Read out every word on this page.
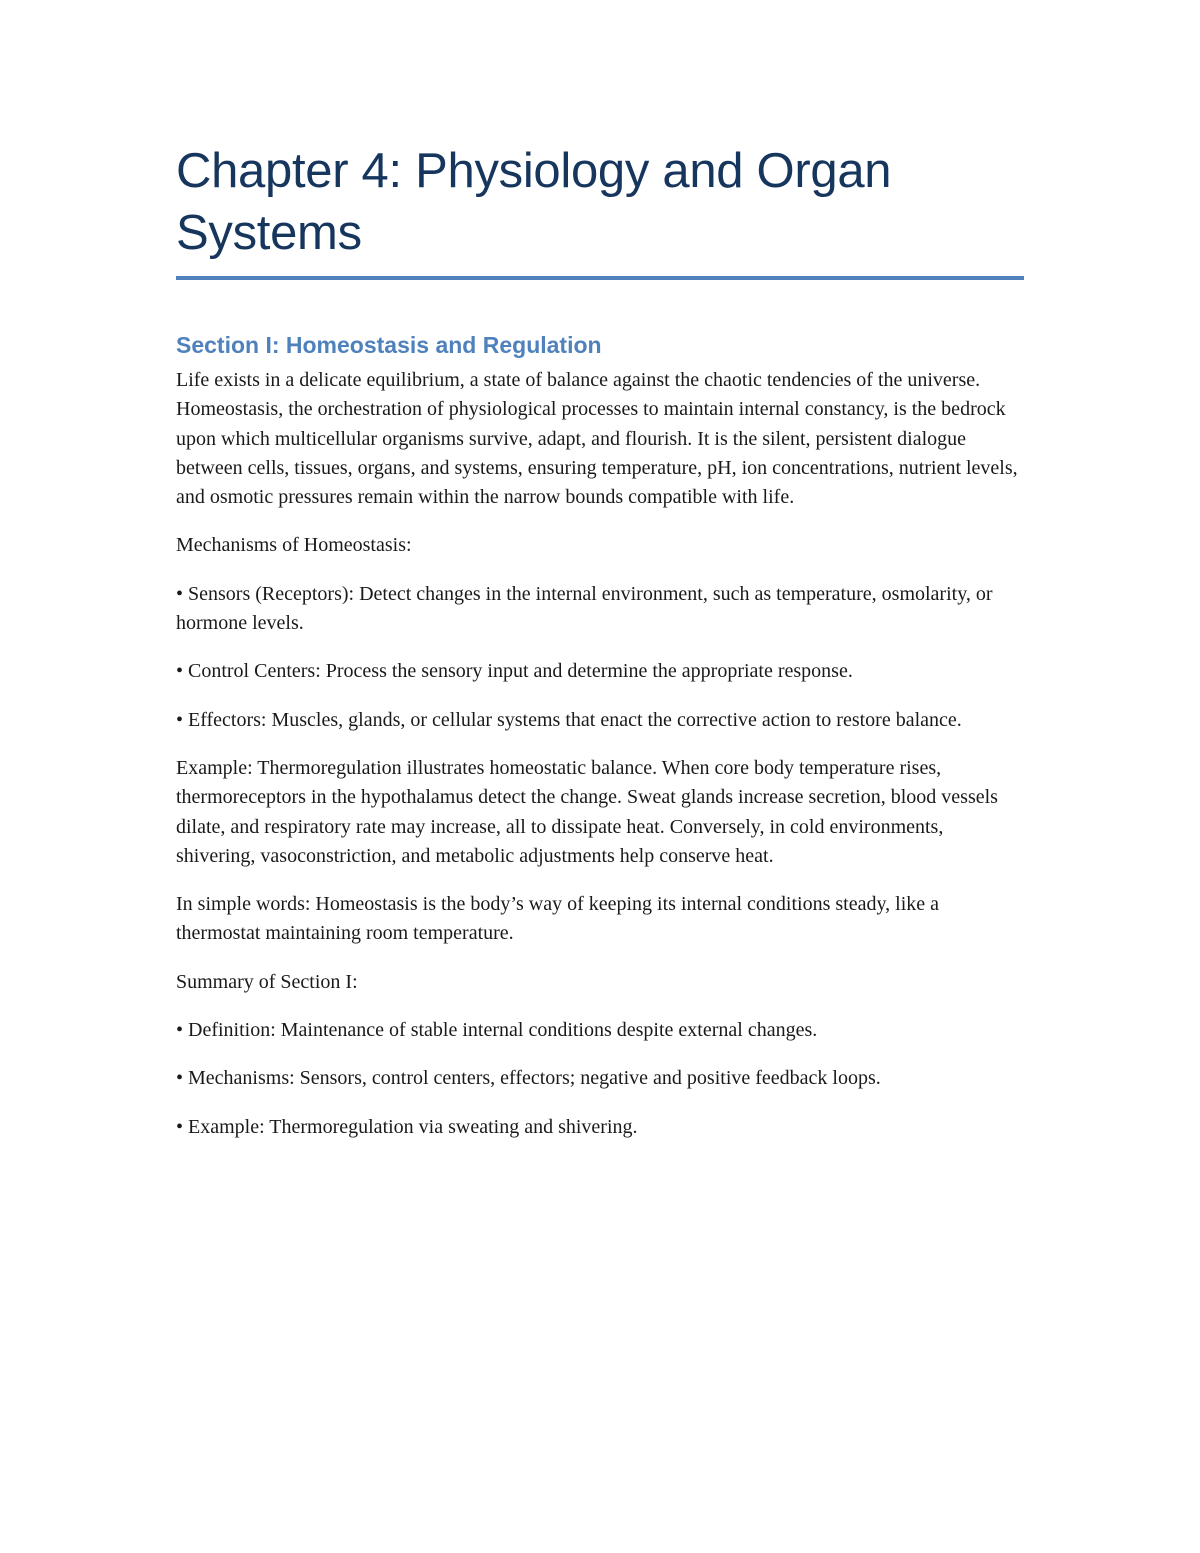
Chapter 4: Physiology and Organ Systems
Section I: Homeostasis and Regulation

Life exists in a delicate equilibrium, a state of balance against the chaotic tendencies of the universe. Homeostasis, the orchestration of physiological processes to maintain internal constancy, is the bedrock upon which multicellular organisms survive, adapt, and flourish. It is the silent, persistent dialogue between cells, tissues, organs, and systems, ensuring temperature, pH, ion concentrations, nutrient levels, and osmotic pressures remain within the narrow bounds compatible with life.

Mechanisms of Homeostasis:

• Sensors (Receptors): Detect changes in the internal environment, such as temperature, osmolarity, or hormone levels.

• Control Centers: Process the sensory input and determine the appropriate response.

• Effectors: Muscles, glands, or cellular systems that enact the corrective action to restore balance.

Example: Thermoregulation illustrates homeostatic balance. When core body temperature rises, thermoreceptors in the hypothalamus detect the change. Sweat glands increase secretion, blood vessels dilate, and respiratory rate may increase, all to dissipate heat. Conversely, in cold environments, shivering, vasoconstriction, and metabolic adjustments help conserve heat.

In simple words: Homeostasis is the body’s way of keeping its internal conditions steady, like a thermostat maintaining room temperature.

Summary of Section I:

• Definition: Maintenance of stable internal conditions despite external changes.

• Mechanisms: Sensors, control centers, effectors; negative and positive feedback loops.

• Example: Thermoregulation via sweating and shivering.
